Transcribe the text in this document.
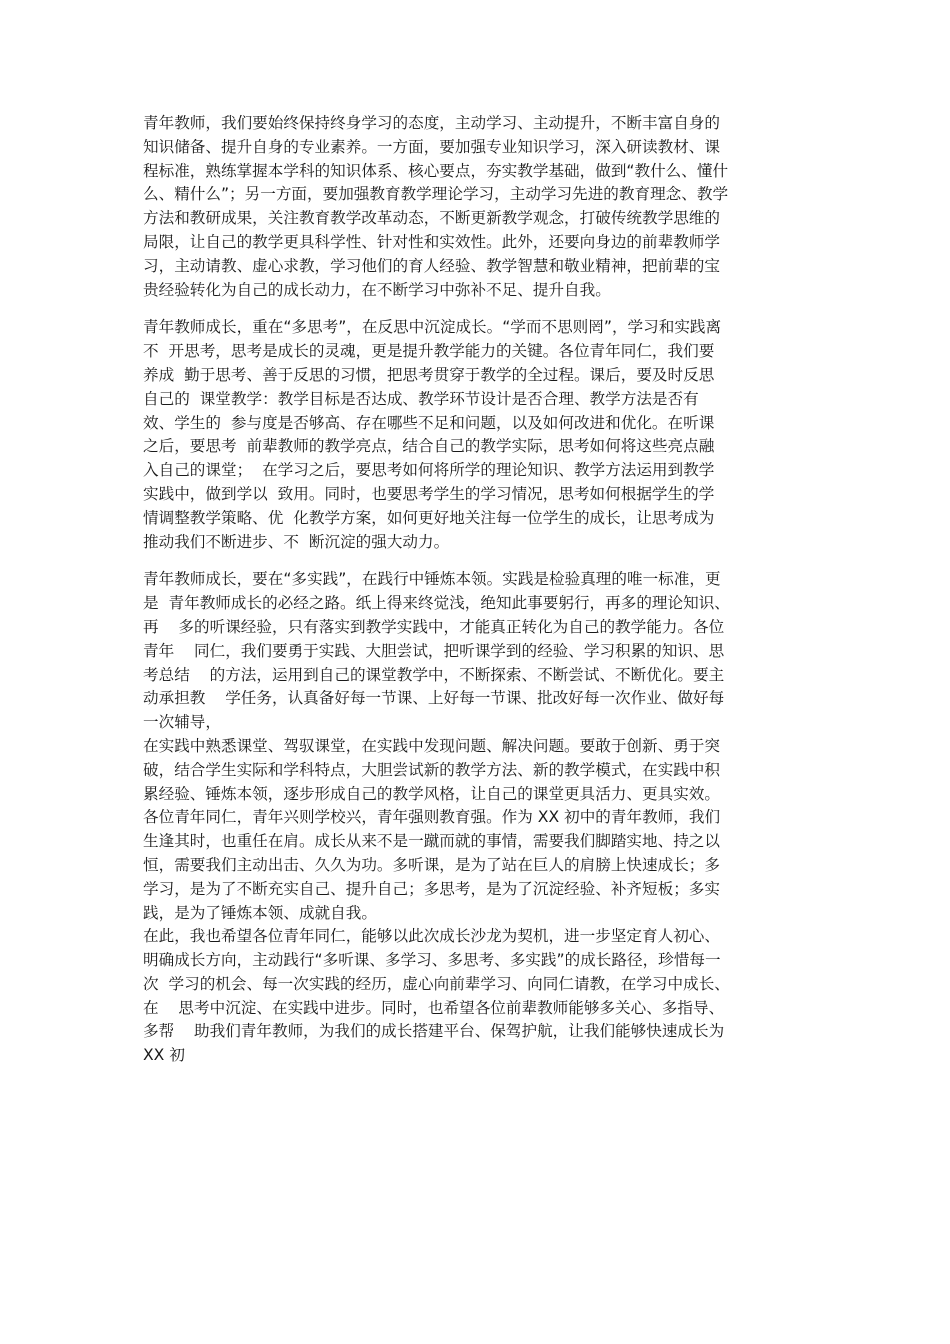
青年教师，我们要始终保持终身学习的态度，主动学习、主动提升，不断丰富自身的
知识储备、提升自身的专业素养。一方面，要加强专业知识学习，深入研读教材、课
程标准，熟练掌握本学科的知识体系、核心要点，夯实教学基础，做到“教什么、懂什
么、精什么”；另一方面，要加强教育教学理论学习，主动学习先进的教育理念、教学
方法和教研成果，关注教育教学改革动态，不断更新教学观念，打破传统教学思维的
局限，让自己的教学更具科学性、针对性和实效性。此外，还要向身边的前辈教师学
习，主动请教、虚心求教，学习他们的育人经验、教学智慧和敬业精神，把前辈的宝
贵经验转化为自己的成长动力，在不断学习中弥补不足、提升自我。
青年教师成长，重在“多思考”，在反思中沉淀成长。“学而不思则罔”，学习和实践离
不  开思考，思考是成长的灵魂，更是提升教学能力的关键。各位青年同仁，我们要
养成  勤于思考、善于反思的习惯，把思考贯穿于教学的全过程。课后，要及时反思
自己的  课堂教学：教学目标是否达成、教学环节设计是否合理、教学方法是否有
效、学生的  参与度是否够高、存在哪些不足和问题，以及如何改进和优化。在听课
之后，要思考  前辈教师的教学亮点，结合自己的教学实际，思考如何将这些亮点融
入自己的课堂；  在学习之后，要思考如何将所学的理论知识、教学方法运用到教学
实践中，做到学以  致用。同时，也要思考学生的学习情况，思考如何根据学生的学
情调整教学策略、优  化教学方案，如何更好地关注每一位学生的成长，让思考成为
推动我们不断进步、不  断沉淀的强大动力。
青年教师成长，要在“多实践”，在践行中锤炼本领。实践是检验真理的唯一标准，更
是  青年教师成长的必经之路。纸上得来终觉浅，绝知此事要躬行，再多的理论知识、
再    多的听课经验，只有落实到教学实践中，才能真正转化为自己的教学能力。各位
青年    同仁，我们要勇于实践、大胆尝试，把听课学到的经验、学习积累的知识、思
考总结    的方法，运用到自己的课堂教学中，不断探索、不断尝试、不断优化。要主
动承担教    学任务，认真备好每一节课、上好每一节课、批改好每一次作业、做好每
一次辅导，
在实践中熟悉课堂、驾驭课堂，在实践中发现问题、解决问题。要敢于创新、勇于突
破，结合学生实际和学科特点，大胆尝试新的教学方法、新的教学模式，在实践中积
累经验、锤炼本领，逐步形成自己的教学风格，让自己的课堂更具活力、更具实效。
各位青年同仁，青年兴则学校兴，青年强则教育强。作为 XX 初中的青年教师，我们
生逢其时，也重任在肩。成长从来不是一蹴而就的事情，需要我们脚踏实地、持之以
恒，需要我们主动出击、久久为功。多听课，是为了站在巨人的肩膀上快速成长；多
学习，是为了不断充实自己、提升自己；多思考，是为了沉淀经验、补齐短板；多实
践，是为了锤炼本领、成就自我。
在此，我也希望各位青年同仁，能够以此次成长沙龙为契机，进一步坚定育人初心、
明确成长方向，主动践行“多听课、多学习、多思考、多实践”的成长路径，珍惜每一
次  学习的机会、每一次实践的经历，虚心向前辈学习、向同仁请教，在学习中成长、
在    思考中沉淀、在实践中进步。同时，也希望各位前辈教师能够多关心、多指导、
多帮    助我们青年教师，为我们的成长搭建平台、保驾护航，让我们能够快速成长为
XX 初
